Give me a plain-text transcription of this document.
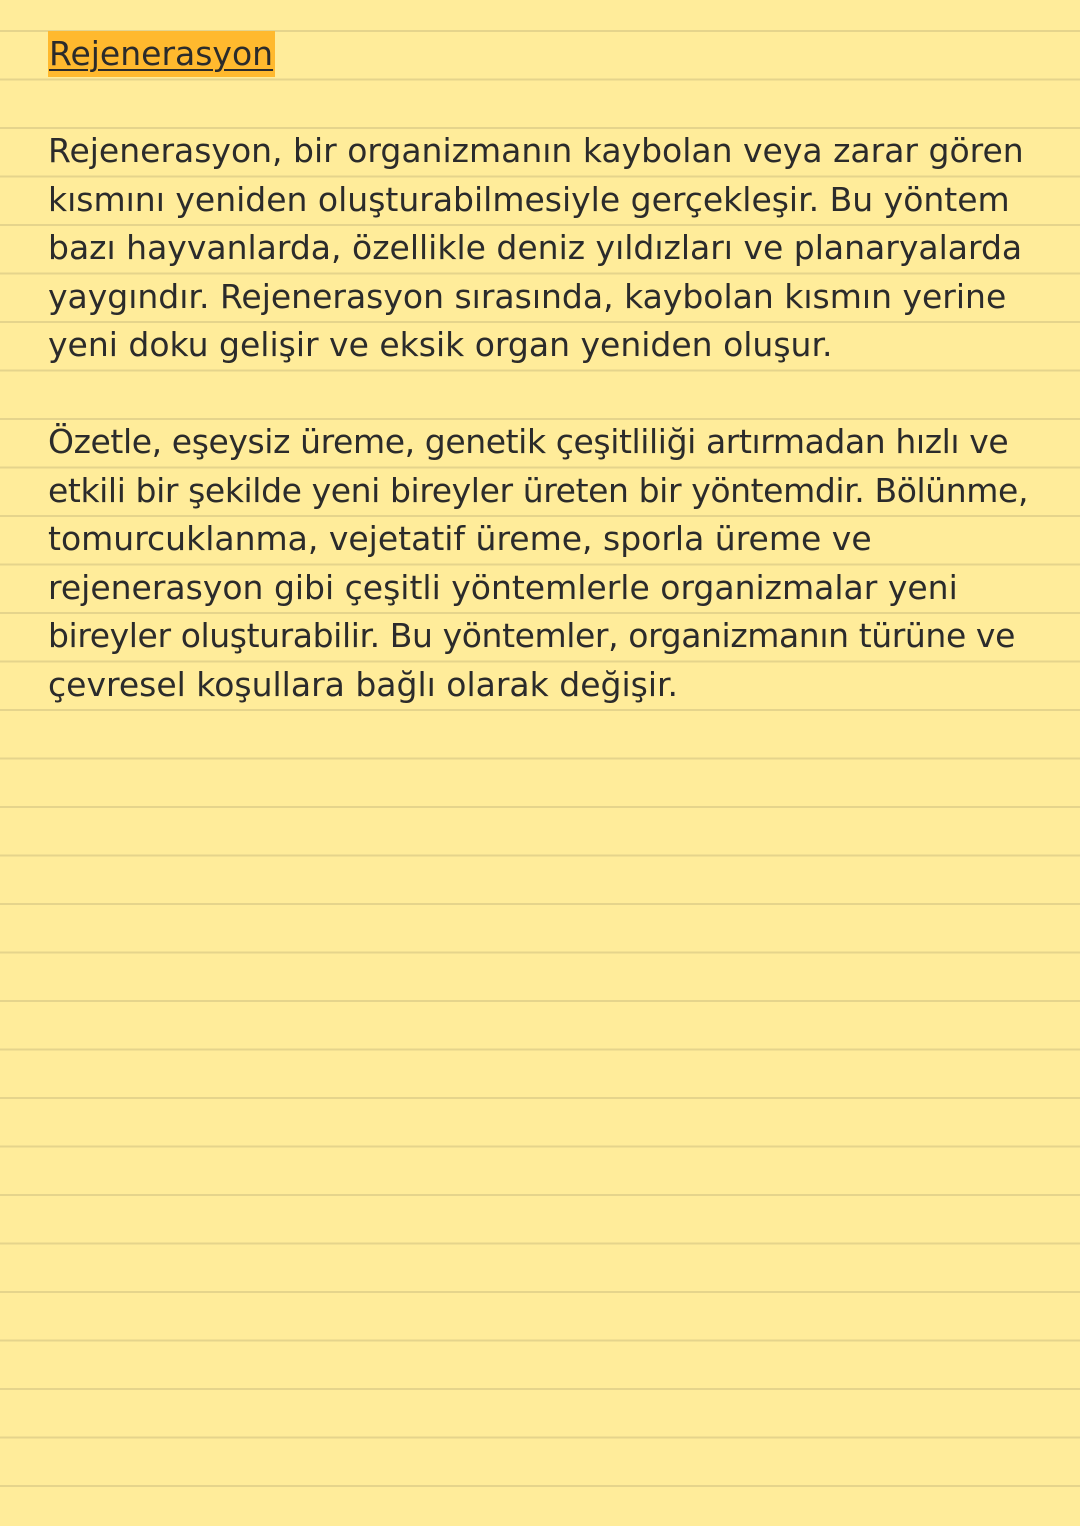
Rejenerasyon
Rejenerasyon, bir organizmanın kaybolan veya zarar gören
kısmını yeniden oluşturabilmesiyle gerçekleşir. Bu yöntem
bazı hayvanlarda, özellikle deniz yıldızları ve planaryalarda
yaygındır. Rejenerasyon sırasında, kaybolan kısmın yerine
yeni doku gelişir ve eksik organ yeniden oluşur.
Özetle, eşeysiz üreme, genetik çeşitliliği artırmadan hızlı ve
etkili bir şekilde yeni bireyler üreten bir yöntemdir. Bölünme,
tomurcuklanma, vejetatif üreme, sporla üreme ve
rejenerasyon gibi çeşitli yöntemlerle organizmalar yeni
bireyler oluşturabilir. Bu yöntemler, organizmanın türüne ve
çevresel koşullara bağlı olarak değişir.
